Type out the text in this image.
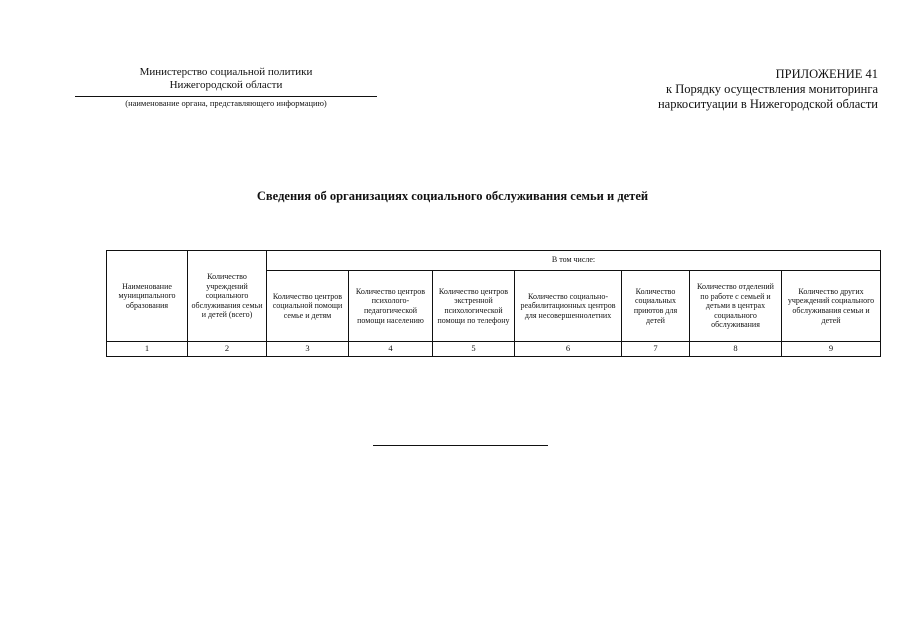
Министерство социальной политики
Нижегородской области
(наименование органа, представляющего информацию)
ПРИЛОЖЕНИЕ 41
к Порядку осуществления мониторинга
наркоситуации в Нижегородской области
Сведения об организациях социального обслуживания семьи и детей
Наименование муниципального образования	Количество учреждений социального обслуживания семьи и детей (всего)	В том числе:						
		Количество центров социальной помощи семье и детям	Количество центров психолого-педагогической помощи населению	Количество центров экстренной психологической помощи по телефону	Количество социально-реабилитационных центров для несовершеннолетних	Количество социальных приютов для детей	Количество отделений по работе с семьей и детьми в центрах социального обслуживания	Количество других учреждений социального обслуживания семьи и детей
1	2	3	4	5	6	7	8	9
